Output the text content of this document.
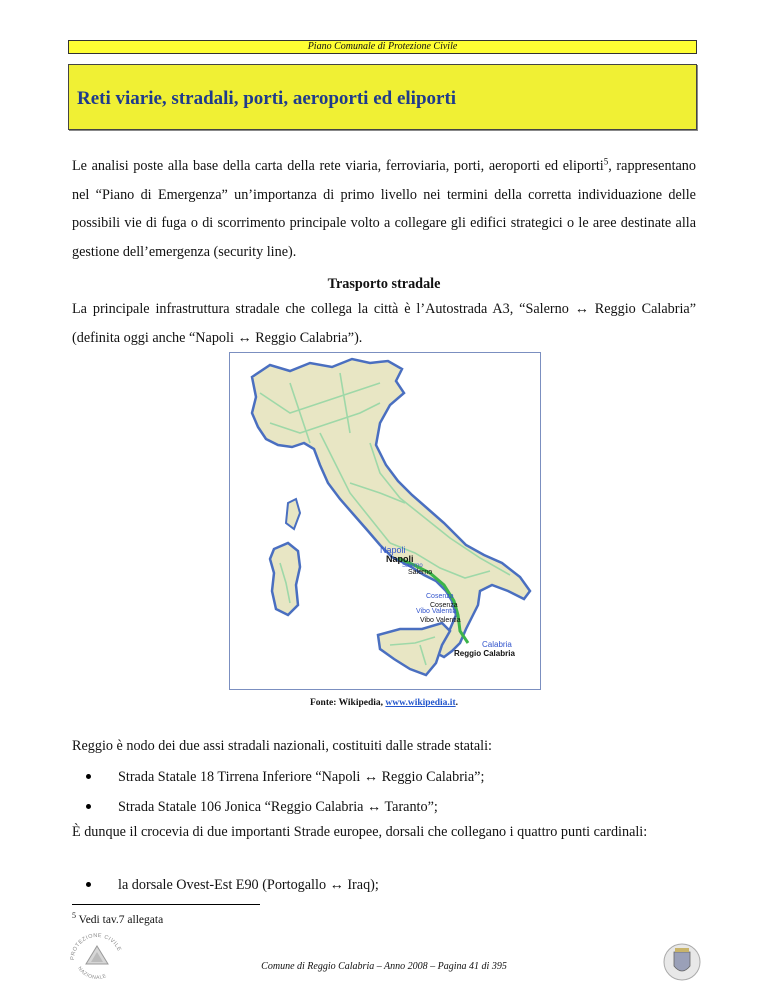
Piano Comunale di Protezione Civile
Reti viarie, stradali, porti, aeroporti ed eliporti
Le analisi poste alla base della carta della rete viaria, ferroviaria, porti, aeroporti ed eliporti$^5$, rappresentano nel “Piano di Emergenza” un’importanza di primo livello nei termini della corretta individuazione delle possibili vie di fuga o di scorrimento principale volto a collegare gli edifici strategici o le aree destinate alla gestione dell’emergenza (security line).
Trasporto stradale
La principale infrastruttura stradale che collega la città è l’Autostrada A3, “Salerno ↔ Reggio Calabria” (definita oggi anche “Napoli ↔ Reggio Calabria”).
Napoli
Napoli
Salerno
Salerno
Cosenza
Cosenza
Vibo Valentia
Vibo Valentia
Calabria
Reggio Calabria
Fonte: Wikipedia, www.wikipedia.it.
Reggio è nodo dei due assi stradali nazionali, costituiti dalle strade statali:
Strada Statale 18 Tirrena Inferiore “Napoli ↔ Reggio Calabria”;
Strada Statale 106 Jonica “Reggio Calabria ↔ Taranto”;
È dunque il crocevia di due importanti Strade europee, dorsali che collegano i quattro punti cardinali:
la dorsale Ovest-Est E90 (Portogallo ↔ Iraq);
$^5$ Vedi tav.7 allegata
PROTEZIONE CIVILE
NAZIONALE
Comune di Reggio Calabria – Anno 2008 – Pagina 41 di 395
